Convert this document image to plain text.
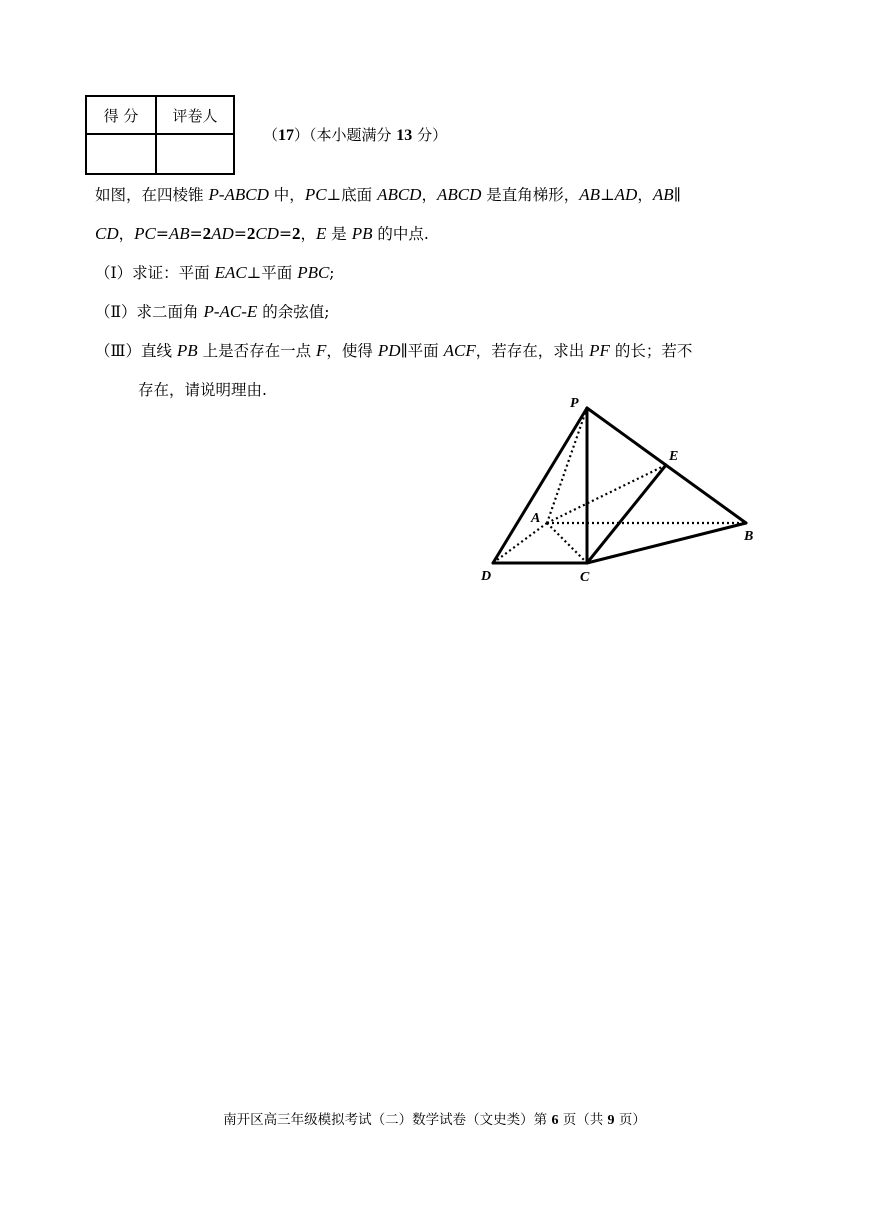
得 分	评卷人

（17）（本小题满分 13 分）
如图，在四棱锥 P-ABCD 中，PC⊥底面 ABCD，ABCD 是直角梯形，AB⊥AD，AB∥
CD，PC=AB=2AD=2CD=2，E 是 PB 的中点.
（Ⅰ）求证：平面 EAC⊥平面 PBC;
（Ⅱ）求二面角 P-AC-E 的余弦值;
（Ⅲ）直线 PB 上是否存在一点 F，使得 PD∥平面 ACF，若存在，求出 PF 的长；若不
存在，请说明理由.
P
E
A
B
C
D
南开区高三年级模拟考试（二）数学试卷（文史类）第 6 页（共 9 页）
